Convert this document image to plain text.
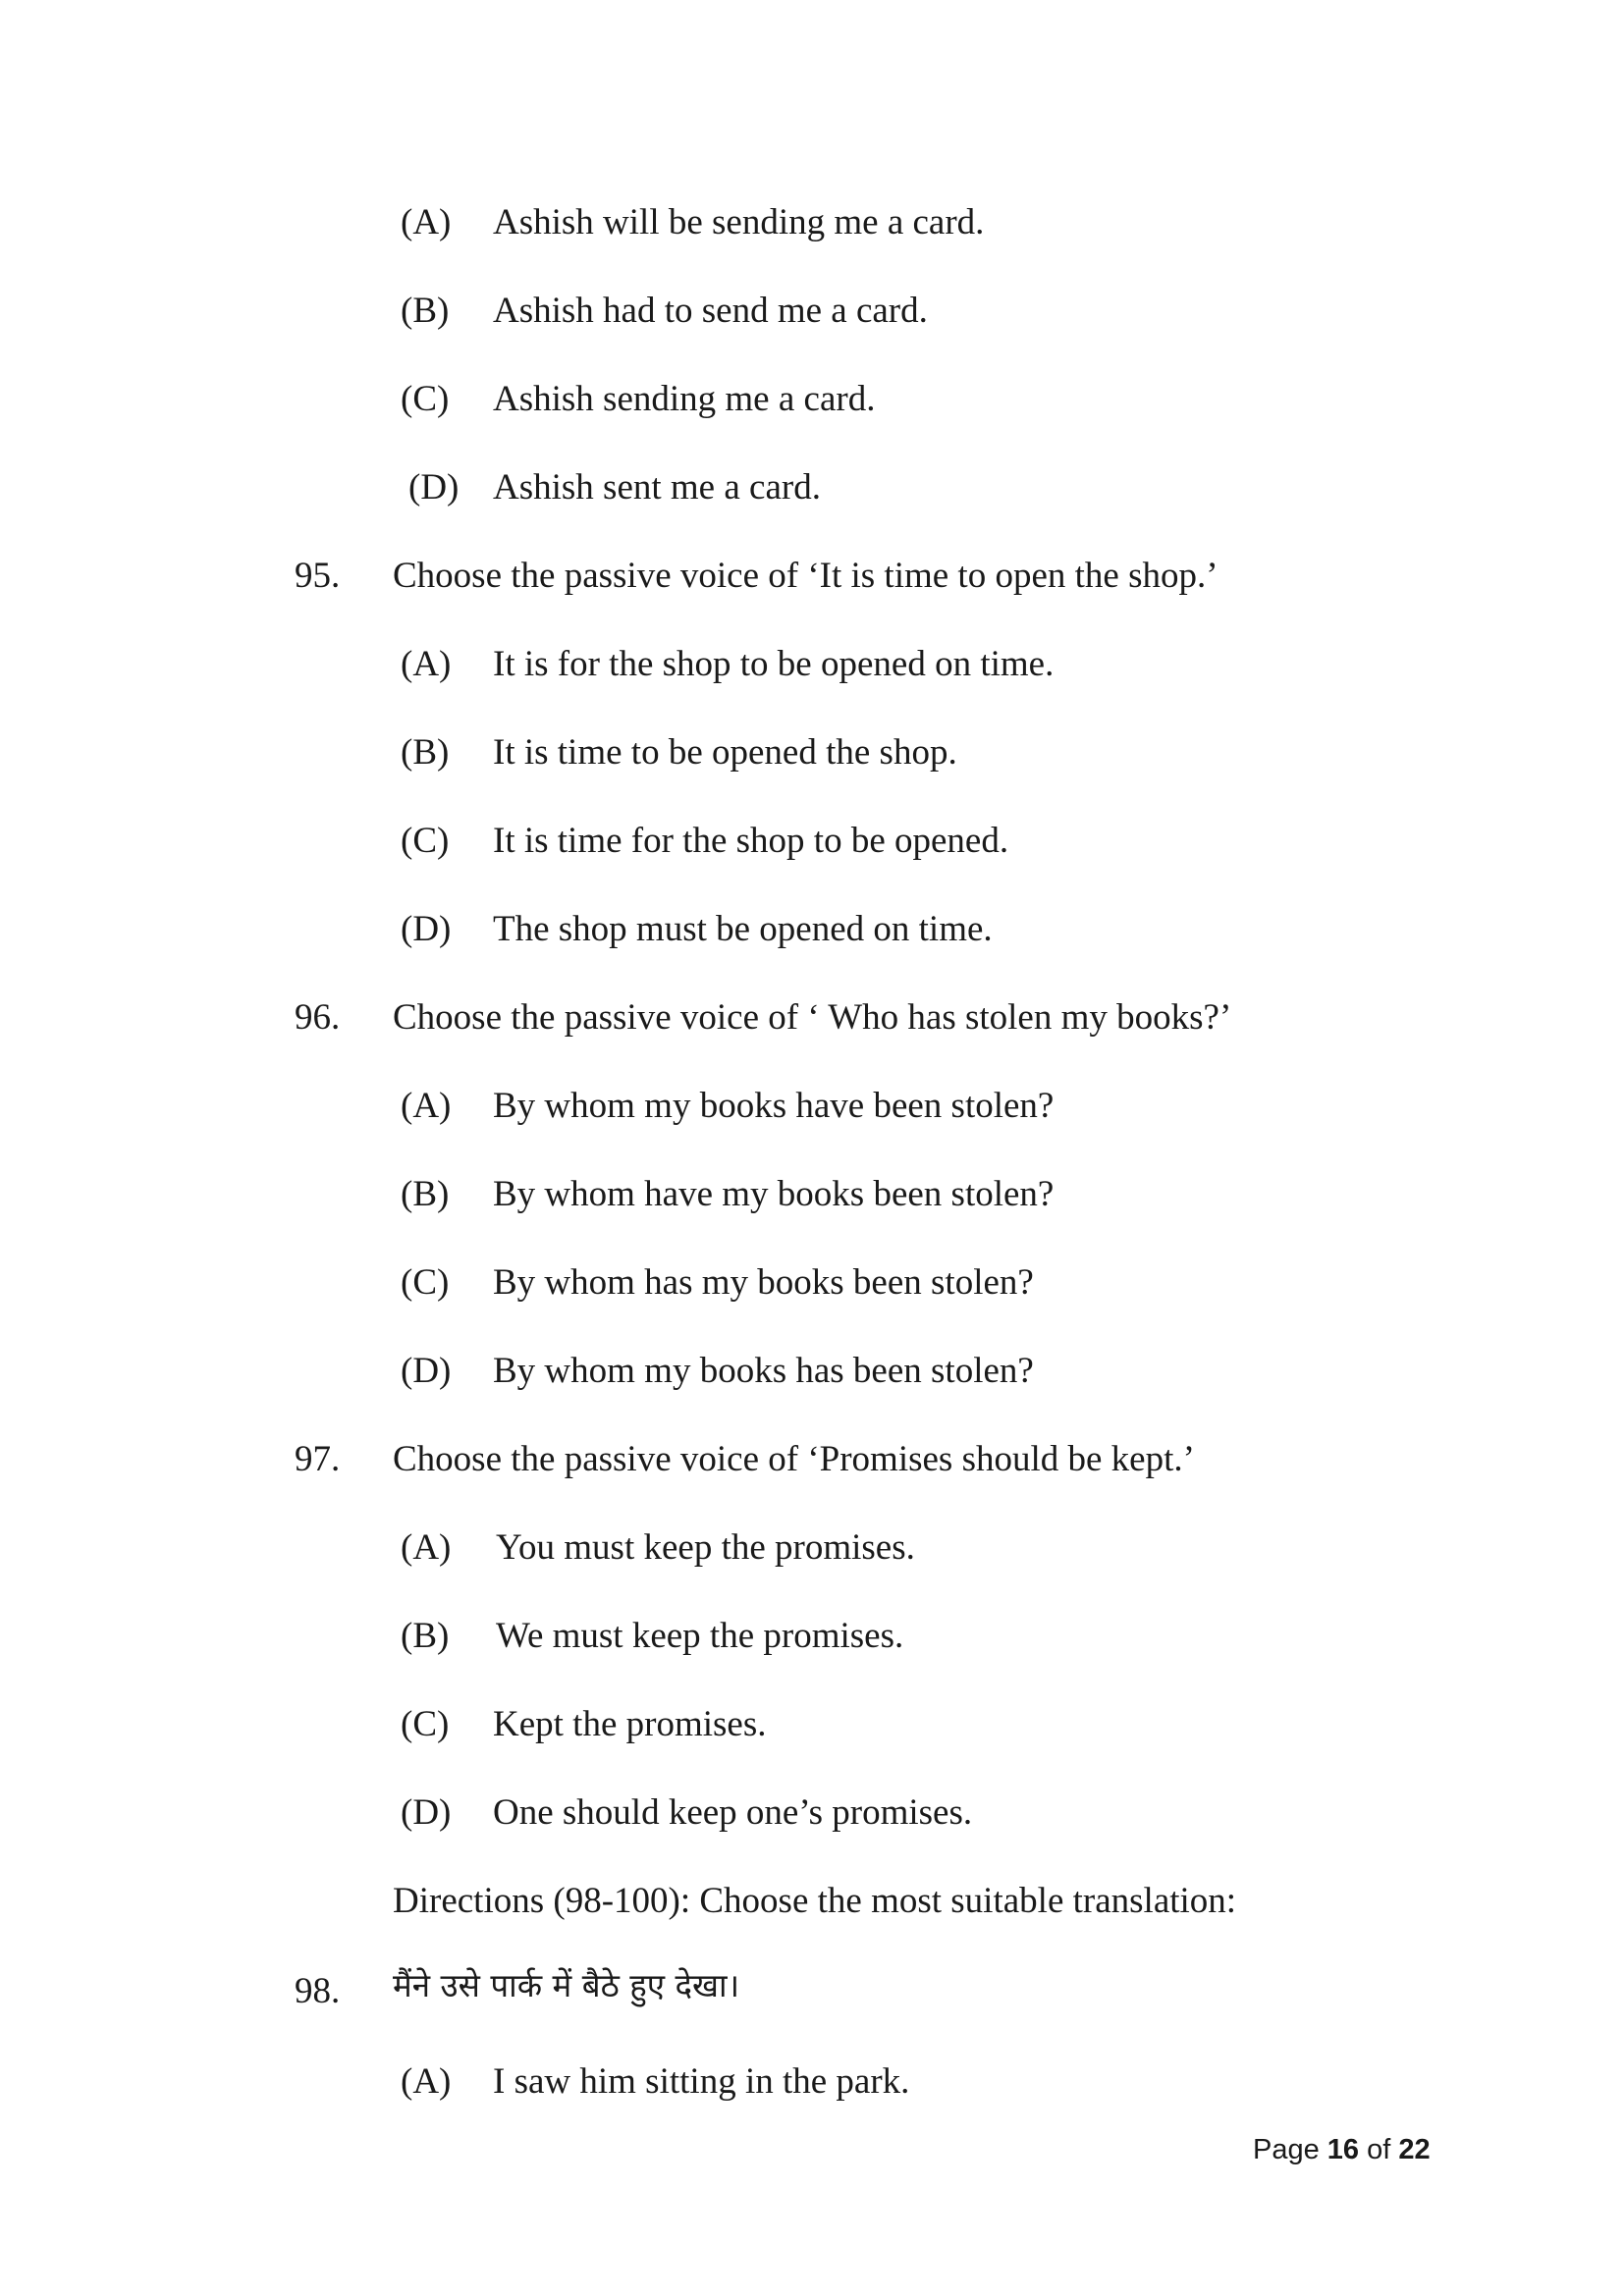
(A) Ashish will be sending me a card.
(B) Ashish had to send me a card.
(C) Ashish sending me a card.
(D) Ashish sent me a card.
95. Choose the passive voice of ‘It is time to open the shop.’
(A) It is for the shop to be opened on time.
(B) It is time to be opened the shop.
(C) It is time for the shop to be opened.
(D) The shop must be opened on time.
96. Choose the passive voice of ‘ Who has stolen my books?’
(A) By whom my books have been stolen?
(B) By whom have my books been stolen?
(C) By whom has my books been stolen?
(D) By whom my books has been stolen?
97. Choose the passive voice of ‘Promises should be kept.’
(A) You must keep the promises.
(B) We must keep the promises.
(C) Kept the promises.
(D) One should keep one’s promises.
Directions (98-100): Choose the most suitable translation:
98. मैंने उसे पार्क में बैठे हुए देखा।
(A) I saw him sitting in the park.
Page 16 of 22
